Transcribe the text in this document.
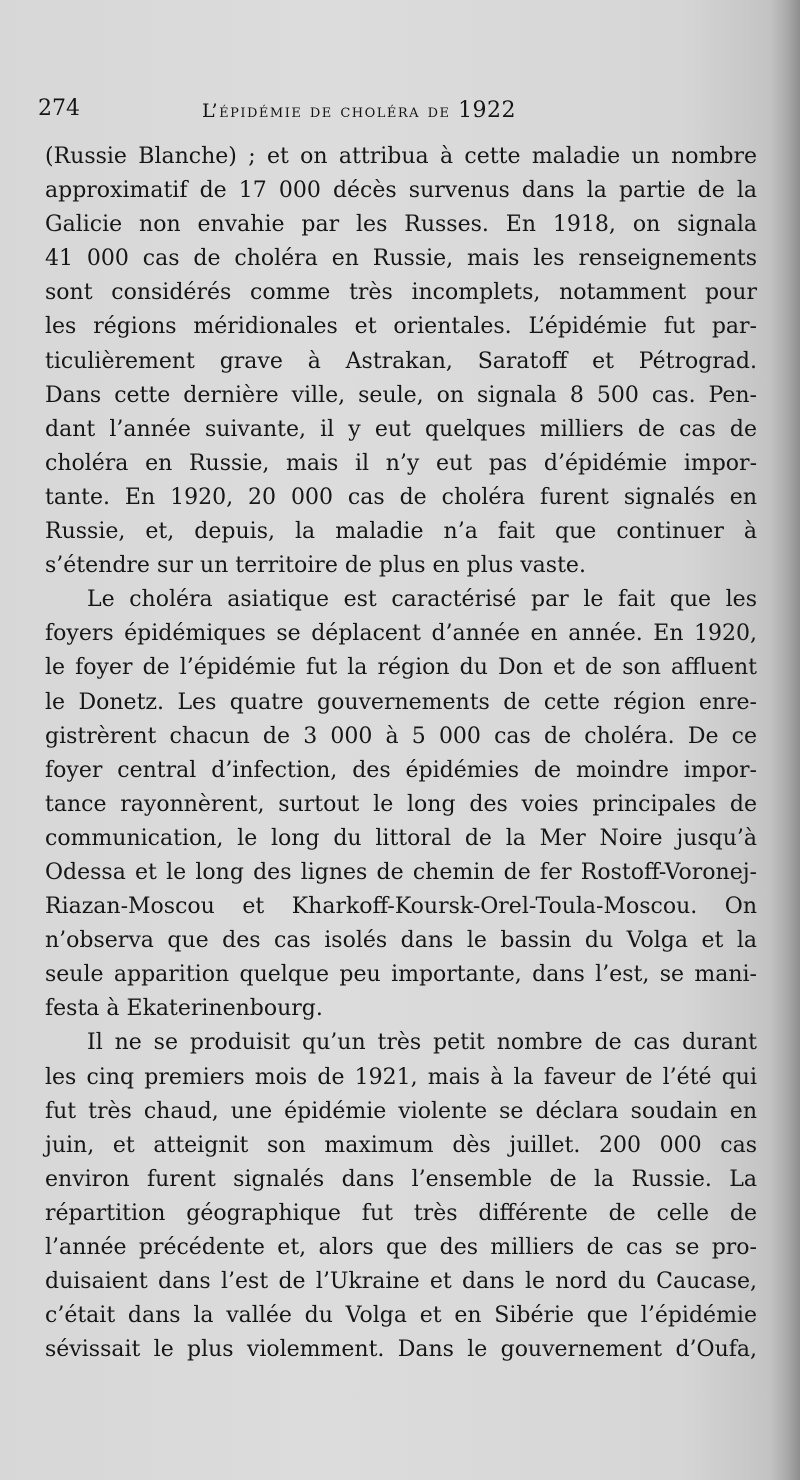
274	L’épidémie de choléra de 1922
(Russie Blanche) ; et on attribua à cette maladie un nombre
approximatif de 17 000 décès survenus dans la partie de la
Galicie non envahie par les Russes. En 1918, on signala
41 000 cas de choléra en Russie, mais les renseignements
sont considérés comme très incomplets, notamment pour
les régions méridionales et orientales. L’épidémie fut par-
ticulièrement grave à Astrakan, Saratoff et Pétrograd.
Dans cette dernière ville, seule, on signala 8 500 cas. Pen-
dant l’année suivante, il y eut quelques milliers de cas de
choléra en Russie, mais il n’y eut pas d’épidémie impor-
tante. En 1920, 20 000 cas de choléra furent signalés en
Russie, et, depuis, la maladie n’a fait que continuer à
s’étendre sur un territoire de plus en plus vaste.
Le choléra asiatique est caractérisé par le fait que les
foyers épidémiques se déplacent d’année en année. En 1920,
le foyer de l’épidémie fut la région du Don et de son affluent
le Donetz. Les quatre gouvernements de cette région enre-
gistrèrent chacun de 3 000 à 5 000 cas de choléra. De ce
foyer central d’infection, des épidémies de moindre impor-
tance rayonnèrent, surtout le long des voies principales de
communication, le long du littoral de la Mer Noire jusqu’à
Odessa et le long des lignes de chemin de fer Rostoff-Voronej-
Riazan-Moscou et Kharkoff-Koursk-Orel-Toula-Moscou. On
n’observa que des cas isolés dans le bassin du Volga et la
seule apparition quelque peu importante, dans l’est, se mani-
festa à Ekaterinenbourg.
Il ne se produisit qu’un très petit nombre de cas durant
les cinq premiers mois de 1921, mais à la faveur de l’été qui
fut très chaud, une épidémie violente se déclara soudain en
juin, et atteignit son maximum dès juillet. 200 000 cas
environ furent signalés dans l’ensemble de la Russie. La
répartition géographique fut très différente de celle de
l’année précédente et, alors que des milliers de cas se pro-
duisaient dans l’est de l’Ukraine et dans le nord du Caucase,
c’était dans la vallée du Volga et en Sibérie que l’épidémie
sévissait le plus violemment. Dans le gouvernement d’Oufa,
